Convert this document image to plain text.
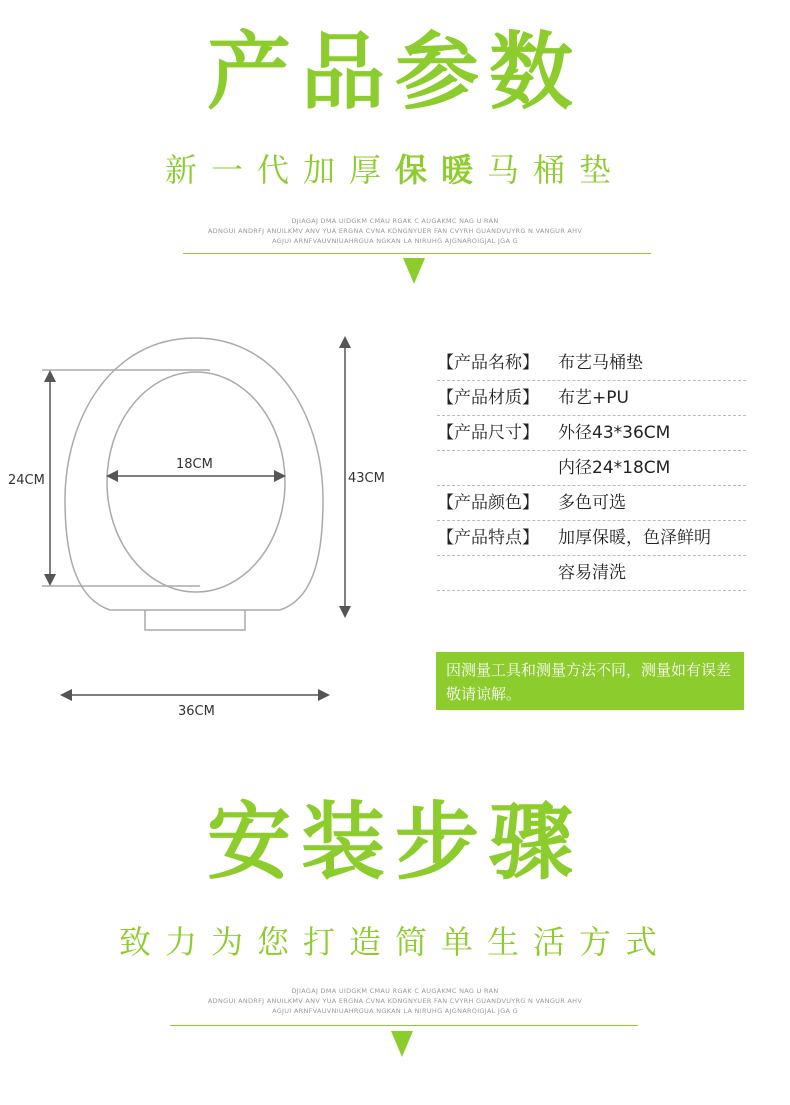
产品参数
新一代加厚保暖马桶垫
DJIAGAJ DMA UIDGKM CMAU RGAK C AUGAKMC NAG U RAN
ADNGUI ANDRFJ ANUILKMV ANV YUA ERGNA CVNA KDNGNYUER FAN CVYRH GUANDVUYRG N VANGUR AHV
AGJUI ARNFVAUVNIUAHRGUA NGKAN LA NIRUHG AJGNAROIGJAL JGA G
18CM
24CM	43CM
36CM
【产品名称】 布艺马桶垫
【产品材质】 布艺+PU
【产品尺寸】 外径43*36CM
内径24*18CM
【产品颜色】 多色可选
【产品特点】 加厚保暖，色泽鲜明
容易清洗
因测量工具和测量方法不同，测量如有误差敬请谅解。
安装步骤
致力为您打造简单生活方式
DJIAGAJ DMA UIDGKM CMAU RGAK C AUGAKMC NAG U RAN
ADNGUI ANDRFJ ANUILKMV ANV YUA ERGNA CVNA KDNGNYUER FAN CVYRH GUANDVUYRG N VANGUR AHV
AGJUI ARNFVAUVNIUAHRGUA NGKAN LA NIRUHG AJGNAROIGJAL JGA G
